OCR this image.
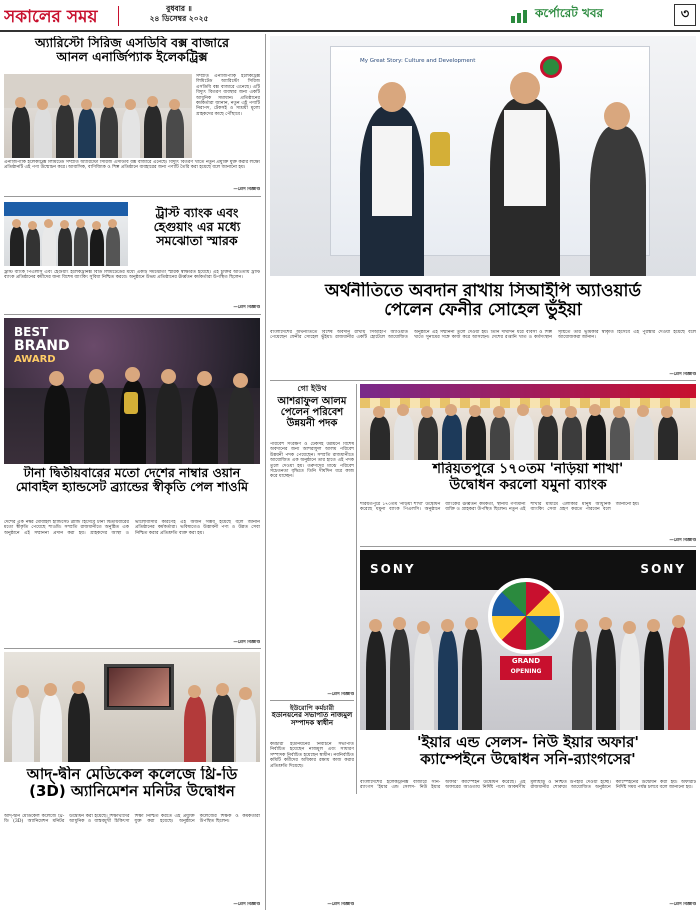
সকালের সময়	বুধবার ॥
২৪ ডিসেম্বর ২০২৫	কর্পোরেট খবর	৩
অ্যারিস্টো সিরিজ এসডিবি বক্স বাজারে
আনল এনার্জিপ্যাক ইলেকট্রিক্স
সম্প্রতি এনার্জিপ্যাক ইলেকট্রিক্স লিমিটেড অ্যারিস্টো সিরিজ এসডিবি বক্স বাজারে এনেছে। এটি বিদ্যুৎ বিতরণ ব্যবস্থার জন্য একটি আধুনিক সমাধান। প্রতিষ্ঠানের কর্মকর্তারা জানান, নতুন এই পণ্যটি নিরাপদ, টেকসই ও সাশ্রয়ী মূল্যে গ্রাহকদের কাছে পৌঁছাবে।
এনার্জিপ্যাক ইলেকট্রিক্স লিমিটেড সম্প্রতি অ্যারিস্টো সিরিজ এসডিবি বক্স বাজারে এনেছে। বিদ্যুৎ বিতরণ খাতে নতুন প্রযুক্তি যুক্ত করার লক্ষ্যে প্রতিষ্ঠানটি এই পণ্য উন্মোচন করে। আবাসিক, বাণিজ্যিক ও শিল্প প্রতিষ্ঠানে ব্যবহারের জন্য পণ্যটি তৈরি করা হয়েছে বলে জানানো হয়।
—প্রেস বিজ্ঞপ্তি
ট্রাস্ট ব্যাংক এবং হেগুয়াং এর মধ্যে সমঝোতা স্মারক
ট্রাস্ট ব্যাংক পিএলসি এবং হেগুয়াং ইলেকট্রনিক্স বিডি লিমিটেডের মধ্যে একটি সমঝোতা স্মারক স্বাক্ষরিত হয়েছে। এই চুক্তির আওতায় ট্রাস্ট ব্যাংক প্রতিষ্ঠানের কর্মীদের জন্য বিশেষ ব্যাংকিং সুবিধা নিশ্চিত করবে। অনুষ্ঠানে উভয় প্রতিষ্ঠানের ঊর্ধ্বতন কর্মকর্তারা উপস্থিত ছিলেন।
—প্রেস বিজ্ঞপ্তি
BEST
BRAND
AWARD
টানা দ্বিতীয়বারের মতো দেশের নাম্বার ওয়ান মোবাইল হ্যান্ডসেট ব্র্যান্ডের স্বীকৃতি পেল শাওমি
দেশের এক নম্বর মোবাইল হ্যান্ডসেট ব্র্যান্ড হিসেবে টানা দ্বিতীয়বারের মতো স্বীকৃতি পেয়েছে শাওমি। সম্প্রতি রাজধানীতে অনুষ্ঠিত এক অনুষ্ঠানে এই সম্মাননা প্রদান করা হয়। গ্রাহকদের আস্থা ও ভালোবাসার কারণেই এই অর্জন সম্ভব হয়েছে বলে জানান প্রতিষ্ঠানের কর্মকর্তারা। ভবিষ্যতেও উদ্ভাবনী পণ্য ও উন্নত সেবা নিশ্চিত করার প্রতিশ্রুতি ব্যক্ত করা হয়।
—প্রেস বিজ্ঞপ্তি
আদ্-দ্বীন মেডিকেল কলেজে থ্রি-ডি
(3D) অ্যানিমেশন মনিটর উদ্বোধন
আদ্-দ্বীন মেডিকেল কলেজে থ্রি-ডি (3D) অ্যানিমেশন মনিটর উদ্বোধন করা হয়েছে। শিক্ষার্থীদের আধুনিক ও বাস্তবমুখী চিকিৎসা শিক্ষা নিশ্চিত করতে এই প্রযুক্তি যুক্ত করা হয়েছে। অনুষ্ঠানে কলেজের শিক্ষক ও কর্মকর্তারা উপস্থিত ছিলেন।
—প্রেস বিজ্ঞপ্তি
My Great Story: Culture and Development
অর্থনীতিতে অবদান রাখায় সিআইপি অ্যাওয়ার্ড
পেলেন ফেনীর সোহেল ভুঁইয়া
বাংলাদেশের অর্থনীতিতে বিশেষ অবদান রাখায় সিআইপি অ্যাওয়ার্ড পেয়েছেন ফেনীর সোহেল ভুঁইয়া। রাজধানীর একটি হোটেলে আয়োজিত অনুষ্ঠানে এই সম্মাননা তুলে দেওয়া হয়। তিনি দীর্ঘদিন ধরে ব্যবসা ও শিল্প খাতে সুনামের সঙ্গে কাজ করে আসছেন। দেশের রপ্তানি খাত ও কর্মসংস্থান সৃষ্টিতে তার ভূমিকার স্বীকৃতি হিসেবে এই পুরস্কার দেওয়া হয়েছে বলে আয়োজকরা জানান।
—প্রেস বিজ্ঞপ্তি
গো ইউথ
আশরাফুল আলম পেলেন পরিবেশ উন্নয়নী পদক
পরিবেশ সংরক্ষণ ও টেকসই উন্নয়নে বিশেষ অবদানের জন্য আশরাফুল আলম পরিবেশ উন্নয়নী পদক পেয়েছেন। সম্প্রতি রাজধানীতে আয়োজিত এক অনুষ্ঠানে তার হাতে এই পদক তুলে দেওয়া হয়। তরুণদের মাঝে পরিবেশ সচেতনতা বৃদ্ধিতে তিনি দীর্ঘদিন ধরে কাজ করে যাচ্ছেন।
—প্রেস বিজ্ঞপ্তি
ইউরোপি কর্মচারী
ইউনিয়নের সভাপতি নাজমুল সম্পাদক স্বাধীন
কর্মচারী ইউনিয়নের নির্বাচনে সভাপতি নির্বাচিত হয়েছেন নাজমুল এবং সাধারণ সম্পাদক নির্বাচিত হয়েছেন স্বাধীন। নবনির্বাচিত কমিটি কর্মীদের অধিকার রক্ষায় কাজ করার প্রতিশ্রুতি দিয়েছে।
—প্রেস বিজ্ঞপ্তি
শরিয়তপুরে ১৭০তম 'নড়িয়া শাখা'
উদ্বোধন করলো যমুনা ব্যাংক
শরিয়তপুরে ১৭০তম 'নড়িয়া শাখা' উদ্বোধন করেছে যমুনা ব্যাংক পিএলসি। অনুষ্ঠানে ব্যাংকের ঊর্ধ্বতন কর্মকর্তা, স্থানীয় গণ্যমান্য ব্যক্তি ও গ্রাহকরা উপস্থিত ছিলেন। নতুন এই শাখার মাধ্যমে এলাকার মানুষ আধুনিক ব্যাংকিং সেবা গ্রহণ করতে পারবেন বলে জানানো হয়।
—প্রেস বিজ্ঞপ্তি
SONY	SONY
GRAND
OPENING
'ইয়ার এন্ড সেলস- নিউ ইয়ার অফার'
ক্যাম্পেইনে উদ্বোধন সনি-র‍্যাংগসের'
বাংলাদেশের ইলেকট্রনিক্স বাজারে সনি-র‍্যাংগস 'ইয়ার এন্ড সেলস- নিউ ইয়ার অফার' ক্যাম্পেইন উদ্বোধন করেছে। এই অফারের আওতায় নির্দিষ্ট পণ্যে আকর্ষণীয় মূল্যছাড় ও নিশ্চিত উপহার দেওয়া হচ্ছে। রাজধানীর শোরুমে আয়োজিত অনুষ্ঠানে ক্যাম্পেইনের উদ্বোধন করা হয়। অফারটি নির্দিষ্ট সময় পর্যন্ত চলবে বলে জানানো হয়।
—প্রেস বিজ্ঞপ্তি
